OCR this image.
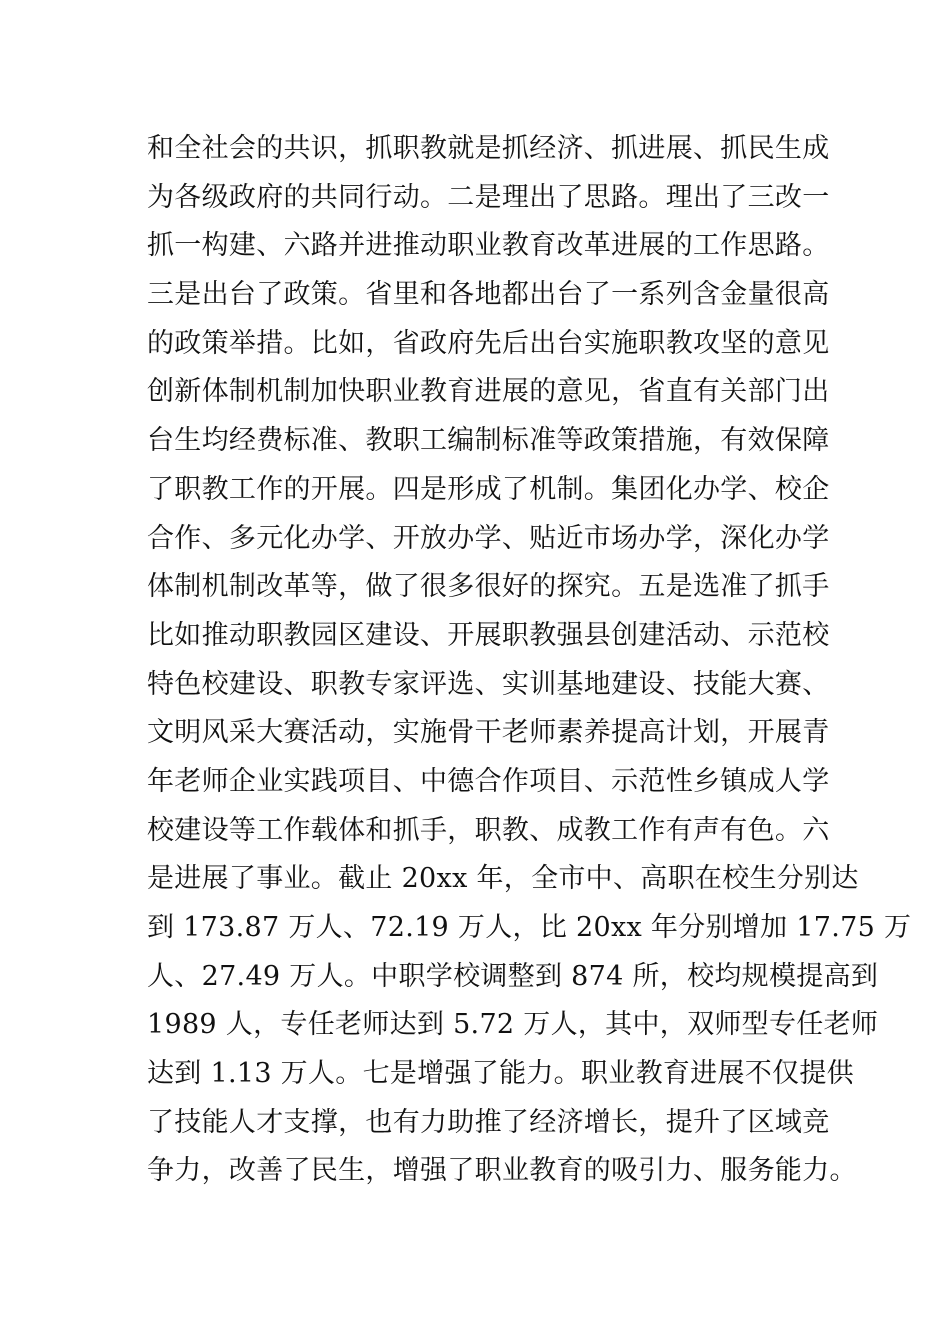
和全社会的共识，抓职教就是抓经济、抓进展、抓民生成
为各级政府的共同行动。二是理出了思路。理出了三改一
抓一构建、六路并进推动职业教育改革进展的工作思路。
三是出台了政策。省里和各地都出台了一系列含金量很高
的政策举措。比如，省政府先后出台实施职教攻坚的意见
创新体制机制加快职业教育进展的意见，省直有关部门出
台生均经费标准、教职工编制标准等政策措施，有效保障
了职教工作的开展。四是形成了机制。集团化办学、校企
合作、多元化办学、开放办学、贴近市场办学，深化办学
体制机制改革等，做了很多很好的探究。五是选准了抓手
比如推动职教园区建设、开展职教强县创建活动、示范校
特色校建设、职教专家评选、实训基地建设、技能大赛、
文明风采大赛活动，实施骨干老师素养提高计划，开展青
年老师企业实践项目、中德合作项目、示范性乡镇成人学
校建设等工作载体和抓手，职教、成教工作有声有色。六
是进展了事业。截止 20xx 年，全市中、高职在校生分别达
到 173.87 万人、72.19 万人，比 20xx 年分别增加 17.75 万
人、27.49 万人。中职学校调整到 874 所，校均规模提高到
1989 人，专任老师达到 5.72 万人，其中，双师型专任老师
达到 1.13 万人。七是增强了能力。职业教育进展不仅提供
了技能人才支撑，也有力助推了经济增长，提升了区域竞
争力，改善了民生，增强了职业教育的吸引力、服务能力。
